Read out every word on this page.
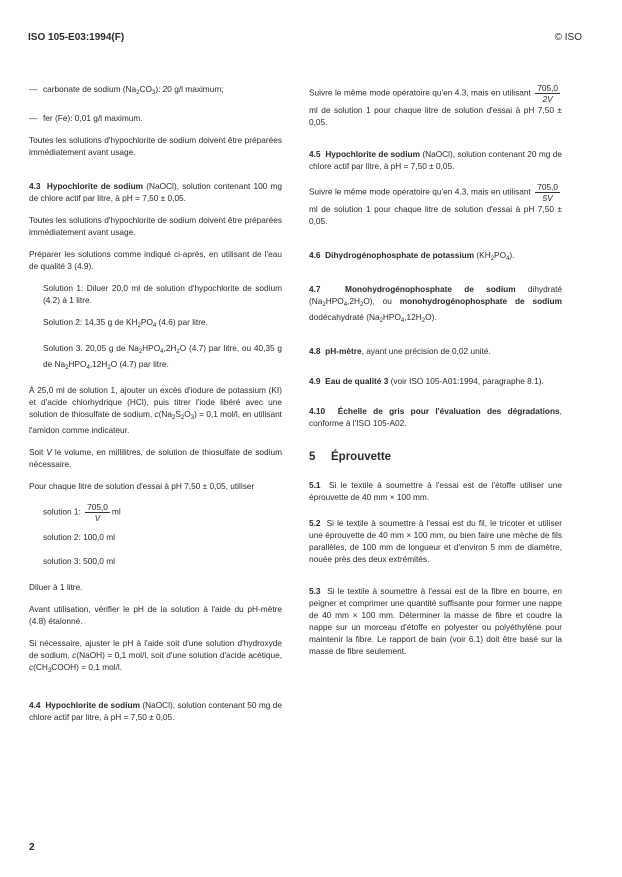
ISO 105-E03:1994(F)	© ISO
— carbonate de sodium $(Na_2CO_3)$: 20 g/l maximum;
— fer (Fe): 0,01 g/l maximum.

Toutes les solutions d'hypochlorite de sodium doivent être préparées immédiatement avant usage.

4.3 Hypochlorite de sodium (NaOCl), solution contenant 100 mg de chlore actif par litre, à pH = 7,50 ± 0,05.

Toutes les solutions d'hypochlorite de sodium doivent être préparées immédiatement avant usage.

Préparer les solutions comme indiqué ci-après, en utilisant de l'eau de qualité 3 (4.9).

Solution 1: Diluer 20,0 ml de solution d'hypochlorite de sodium (4.2) à 1 litre.

Solution 2: 14,35 g de $KH_2PO_4$ (4.6) par litre.

Solution 3. 20,05 g de $Na_2HPO_4,2H_2O$ (4.7) par litre, ou 40,35 g de $Na_2HPO_4,12H_2O$ (4.7) par litre.

À 25,0 ml de solution 1, ajouter un excès d'iodure de potassium (KI) et d'acide chlorhydrique (HCl), puis titrer l'iode libéré avec une solution de thiosulfate de sodium, $c(Na_2S_2O_3) = 0,1$ mol/l, en utilisant l'amidon comme indicateur.

Soit V le volume, en millilitres, de solution de thiosulfate de sodium nécessaire.

Pour chaque litre de solution d'essai à pH 7,50 ± 0,05, utiliser

solution 1: $\frac{705,0}{V}$ ml

solution 2: 100,0 ml

solution 3: 500,0 ml

Diluer à 1 litre.

Avant utilisation, vérifier le pH de la solution à l'aide du pH-mètre (4.8) étalonné.

Si nécessaire, ajuster le pH à l'aide soit d'une solution d'hydroxyde de sodium, c(NaOH) = 0,1 mol/l, soit d'une solution d'acide acétique, $c(CH_3COOH) = 0,1$ mol/l.

4.4 Hypochlorite de sodium (NaOCl), solution contenant 50 mg de chlore actif par litre, à pH = 7,50 ± 0,05.

Suivre le même mode opératoire qu'en 4.3, mais en utilisant $\frac{705,0}{2V}$
ml de solution 1 pour chaque litre de solution d'essai à pH 7,50 ± 0,05.

4.5 Hypochlorite de sodium (NaOCl), solution contenant 20 mg de chlore actif par litre, à pH = 7,50 ± 0,05.

Suivre le même mode opératoire qu'en 4.3, mais en utilisant $\frac{705,0}{5V}$
ml de solution 1 pour chaque litre de solution d'essai à pH 7,50 ± 0,05.

4.6 Dihydrogénophosphate de potassium $(KH_2PO_4)$.

4.7	Monohydrogénophosphate de sodium dihydraté $(Na_2HPO_4,2H_2O)$, ou monohydrogénophosphate de sodium dodécahydraté $(Na_2HPO_4,12H_2O)$.

4.8 pH-mètre, ayant une précision de 0,02 unité.

4.9 Eau de qualité 3 (voir ISO 105-A01:1994, paragraphe 8.1).

4.10 Échelle de gris pour l'évaluation des dégradations, conforme à l'ISO 105-A02.

5 Éprouvette

5.1 Si le textile à soumettre à l'essai est de l'étoffe utiliser une éprouvette de 40 mm × 100 mm.

5.2 Si le textile à soumettre à l'essai est du fil, le tricoter et utiliser une éprouvette de 40 mm × 100 mm, ou bien faire une mèche de fils parallèles, de 100 mm de longueur et d'environ 5 mm de diamètre, nouée près des deux extrémités.

5.3 Si le textile à soumettre à l'essai est de la fibre en bourre, en peigner et comprimer une quantité suffisante pour former une nappe de 40 mm × 100 mm. Déterminer la masse de fibre et coudre la nappe sur un morceau d'étoffe en polyester ou polyéthylène pour maintenir la fibre. Le rapport de bain (voir 6.1) doit être basé sur la masse de fibre seulement.

2
